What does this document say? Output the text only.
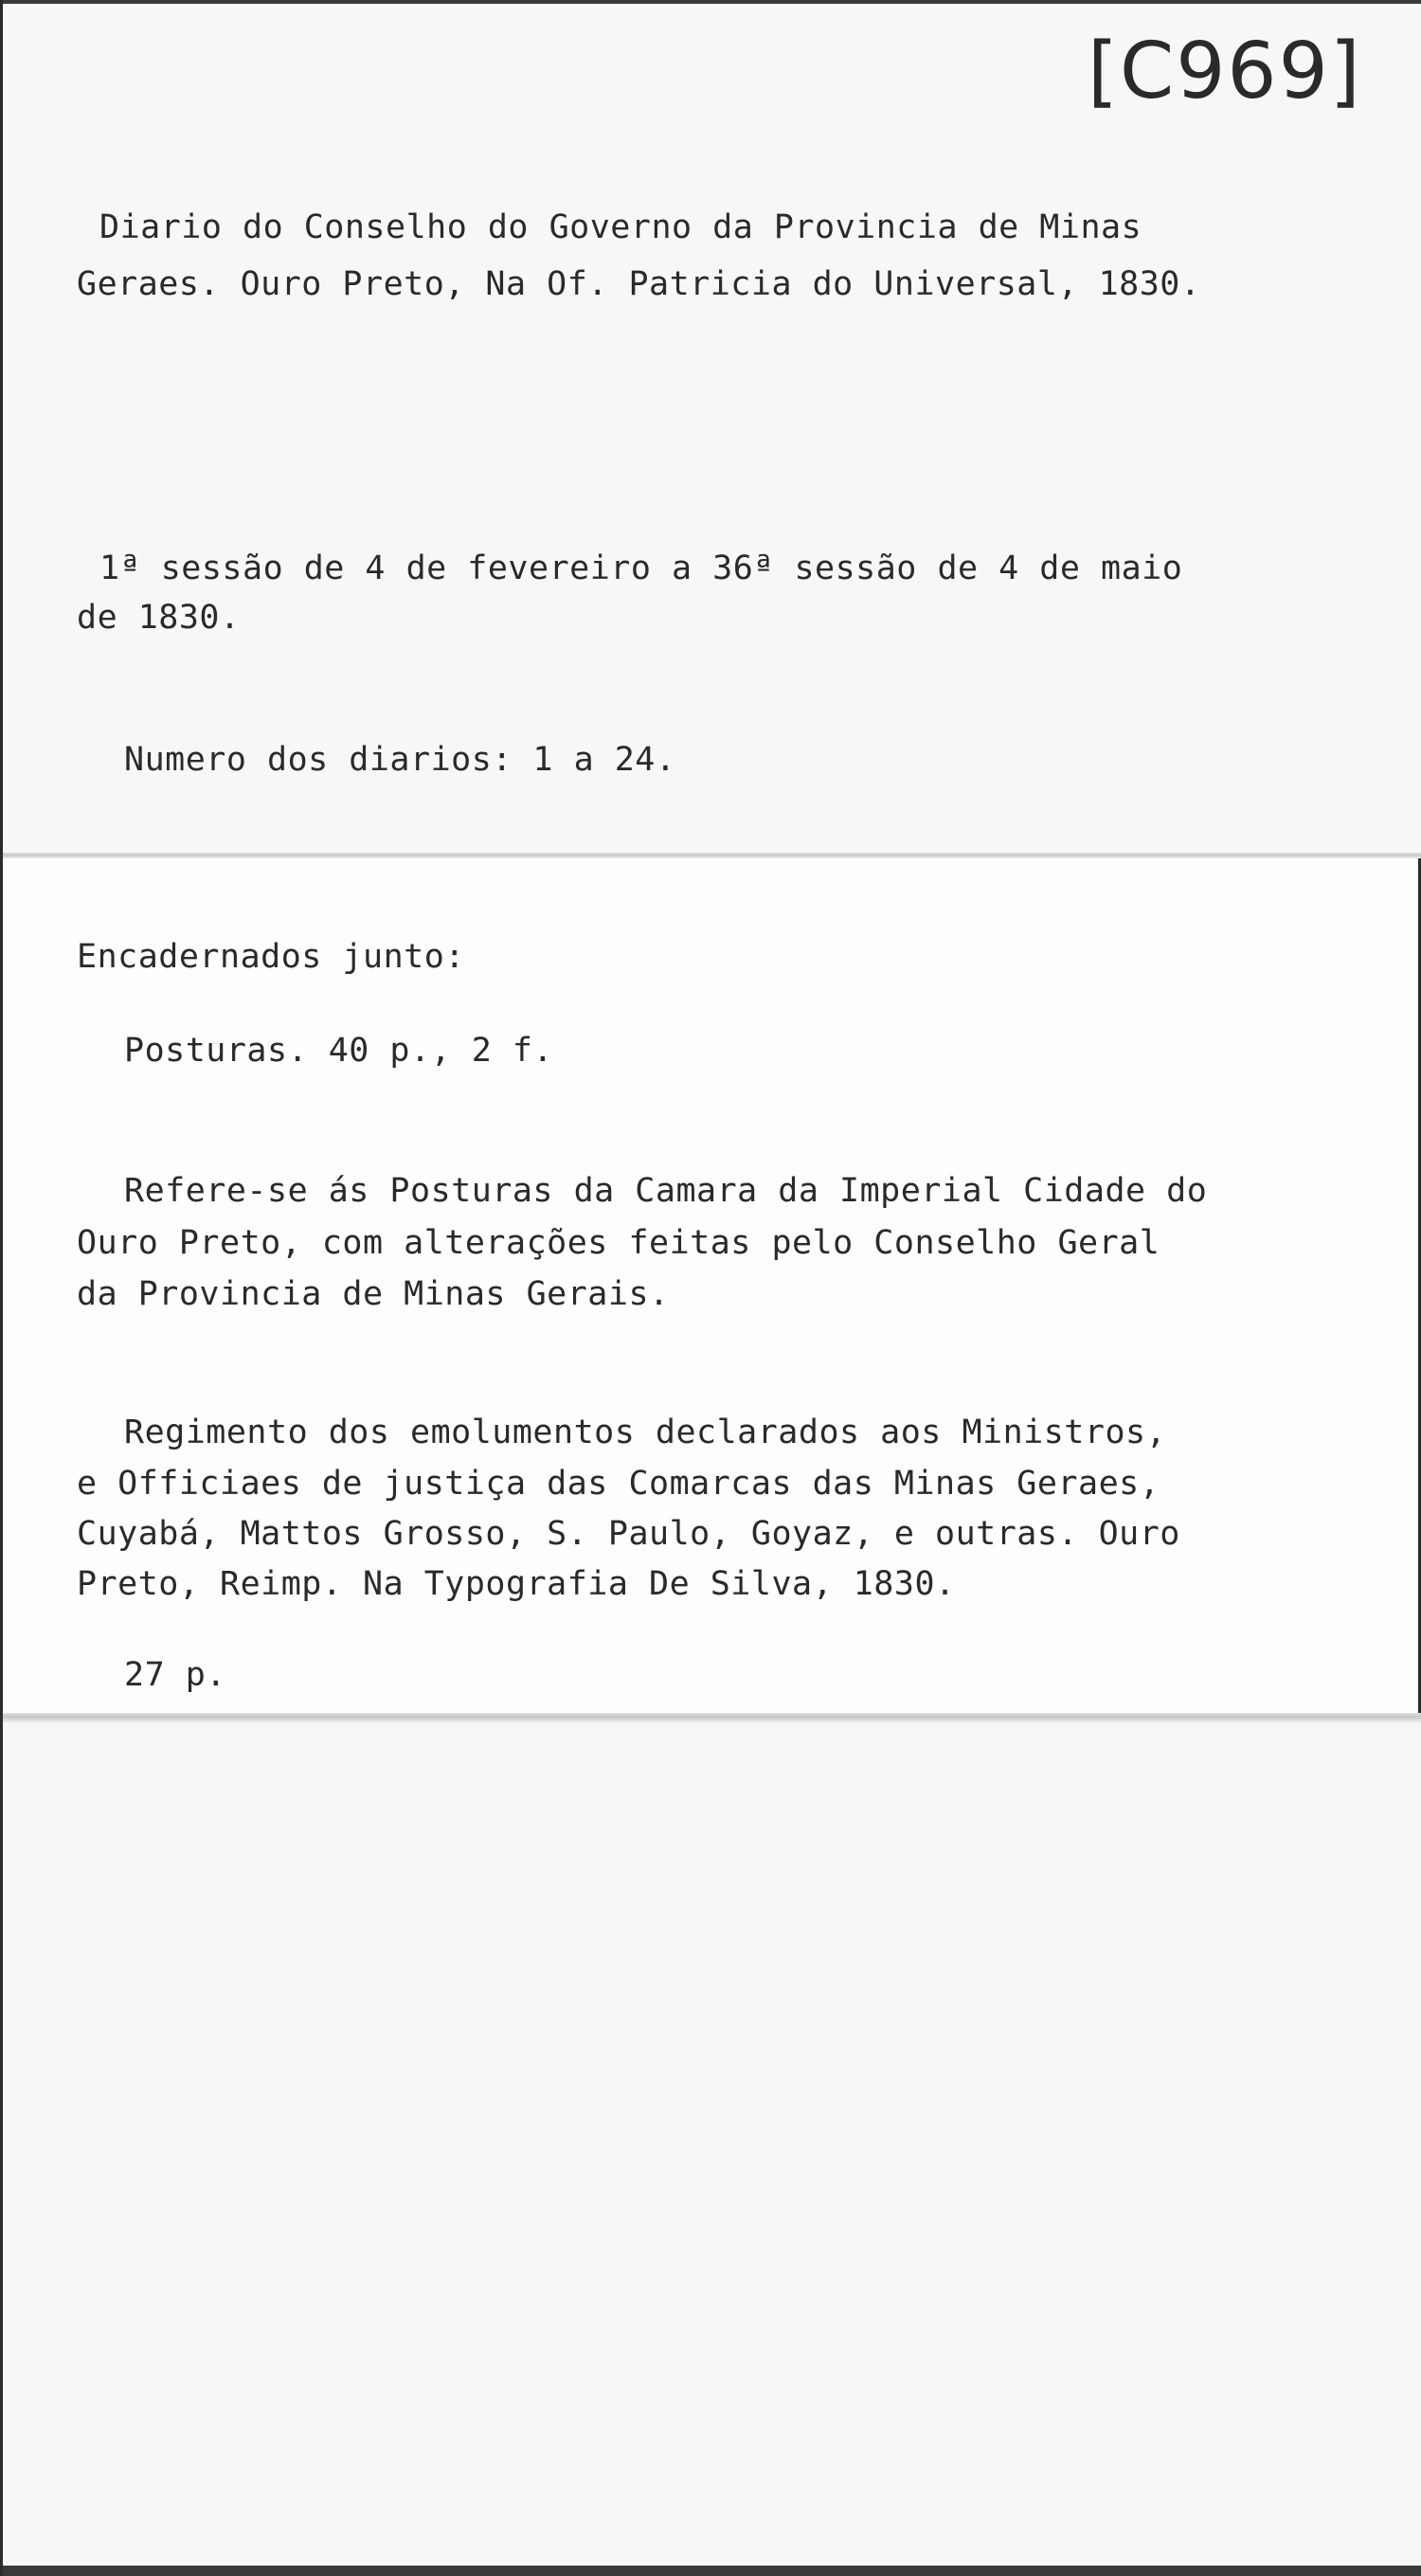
[C969]
Diario do Conselho do Governo da Provincia de Minas
Geraes. Ouro Preto, Na Of. Patricia do Universal, 1830.
1ª sessão de 4 de fevereiro a 36ª sessão de 4 de maio
de 1830.
Numero dos diarios: 1 a 24.
Encadernados junto:
Posturas. 40 p., 2 f.
Refere-se ás Posturas da Camara da Imperial Cidade do
Ouro Preto, com alterações feitas pelo Conselho Geral
da Provincia de Minas Gerais.
Regimento dos emolumentos declarados aos Ministros,
e Officiaes de justiça das Comarcas das Minas Geraes,
Cuyabá, Mattos Grosso, S. Paulo, Goyaz, e outras. Ouro
Preto, Reimp. Na Typografia De Silva, 1830.
27 p.
